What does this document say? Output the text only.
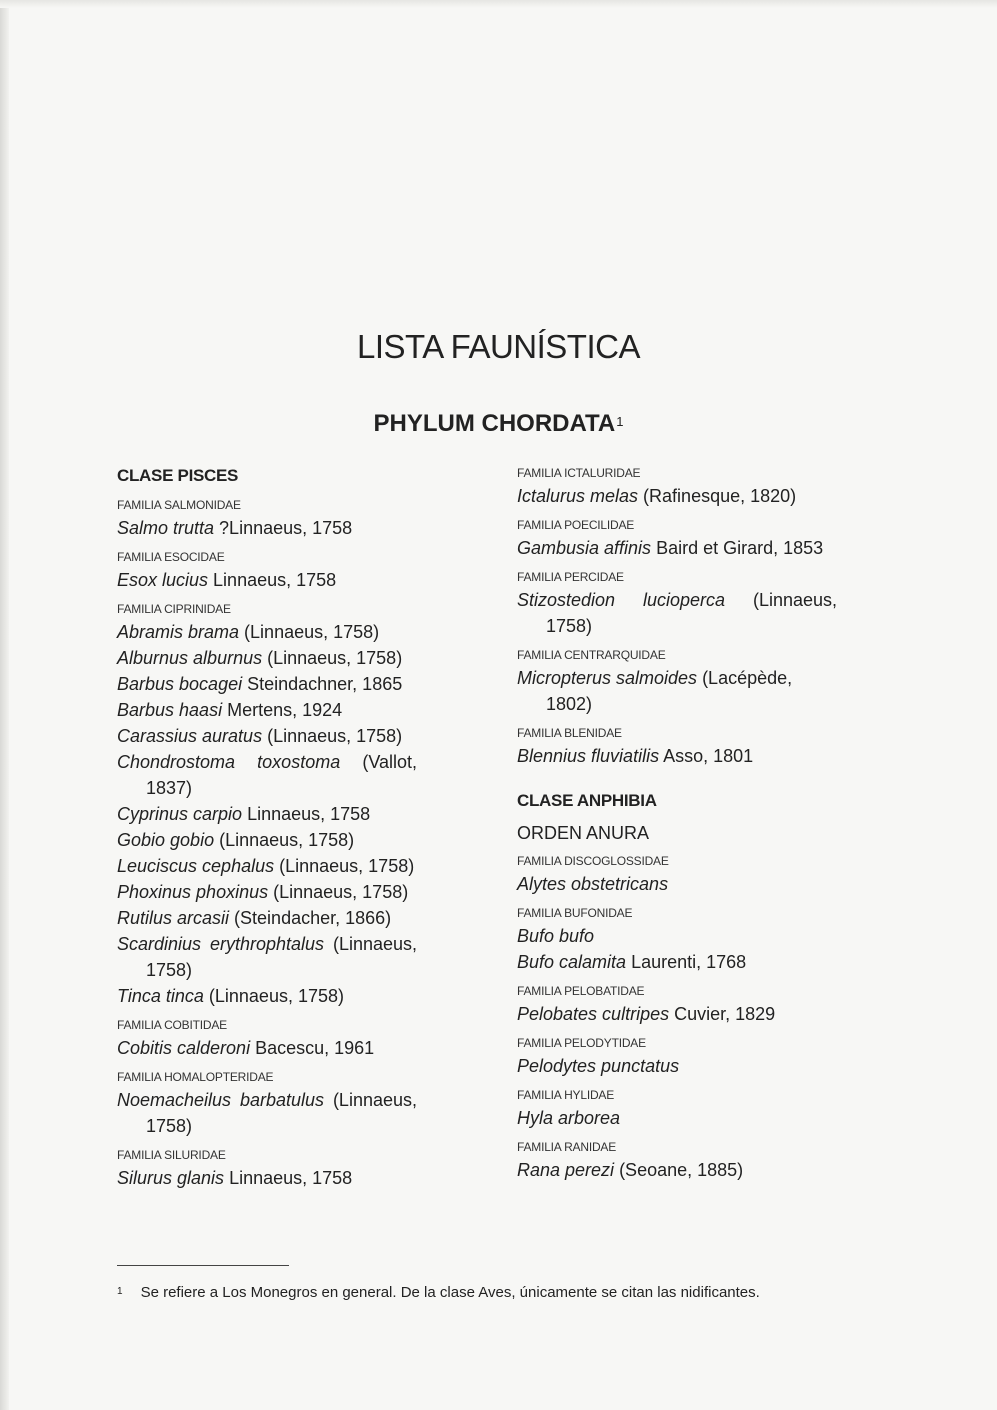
LISTA FAUNÍSTICA
PHYLUM CHORDATA$^1$
CLASE PISCES
FAMILIA SALMONIDAE
Salmo trutta ?Linnaeus, 1758
FAMILIA ESOCIDAE
Esox lucius Linnaeus, 1758
FAMILIA CIPRINIDAE
Abramis brama (Linnaeus, 1758)
Alburnus alburnus (Linnaeus, 1758)
Barbus bocagei Steindachner, 1865
Barbus haasi Mertens, 1924
Carassius auratus (Linnaeus, 1758)
Chondrostoma toxostoma (Vallot, 1837)
Cyprinus carpio Linnaeus, 1758
Gobio gobio (Linnaeus, 1758)
Leuciscus cephalus (Linnaeus, 1758)
Phoxinus phoxinus (Linnaeus, 1758)
Rutilus arcasii (Steindacher, 1866)
Scardinius erythrophtalus (Linnaeus, 1758)
Tinca tinca (Linnaeus, 1758)
FAMILIA COBITIDAE
Cobitis calderoni Bacescu, 1961
FAMILIA HOMALOPTERIDAE
Noemacheilus barbatulus (Linnaeus, 1758)
FAMILIA SILURIDAE
Silurus glanis Linnaeus, 1758
FAMILIA ICTALURIDAE
Ictalurus melas (Rafinesque, 1820)
FAMILIA POECILIDAE
Gambusia affinis Baird et Girard, 1853
FAMILIA PERCIDAE
Stizostedion lucioperca (Linnaeus, 1758)
FAMILIA CENTRARQUIDAE
Micropterus salmoides (Lacépède, 1802)
FAMILIA BLENIDAE
Blennius fluviatilis Asso, 1801
CLASE ANPHIBIA
ORDEN ANURA
FAMILIA DISCOGLOSSIDAE
Alytes obstetricans
FAMILIA BUFONIDAE
Bufo bufo
Bufo calamita Laurenti, 1768
FAMILIA PELOBATIDAE
Pelobates cultripes Cuvier, 1829
FAMILIA PELODYTIDAE
Pelodytes punctatus
FAMILIA HYLIDAE
Hyla arborea
FAMILIA RANIDAE
Rana perezi (Seoane, 1885)
$^1$ Se refiere a Los Monegros en general. De la clase Aves, únicamente se citan las nidificantes.
